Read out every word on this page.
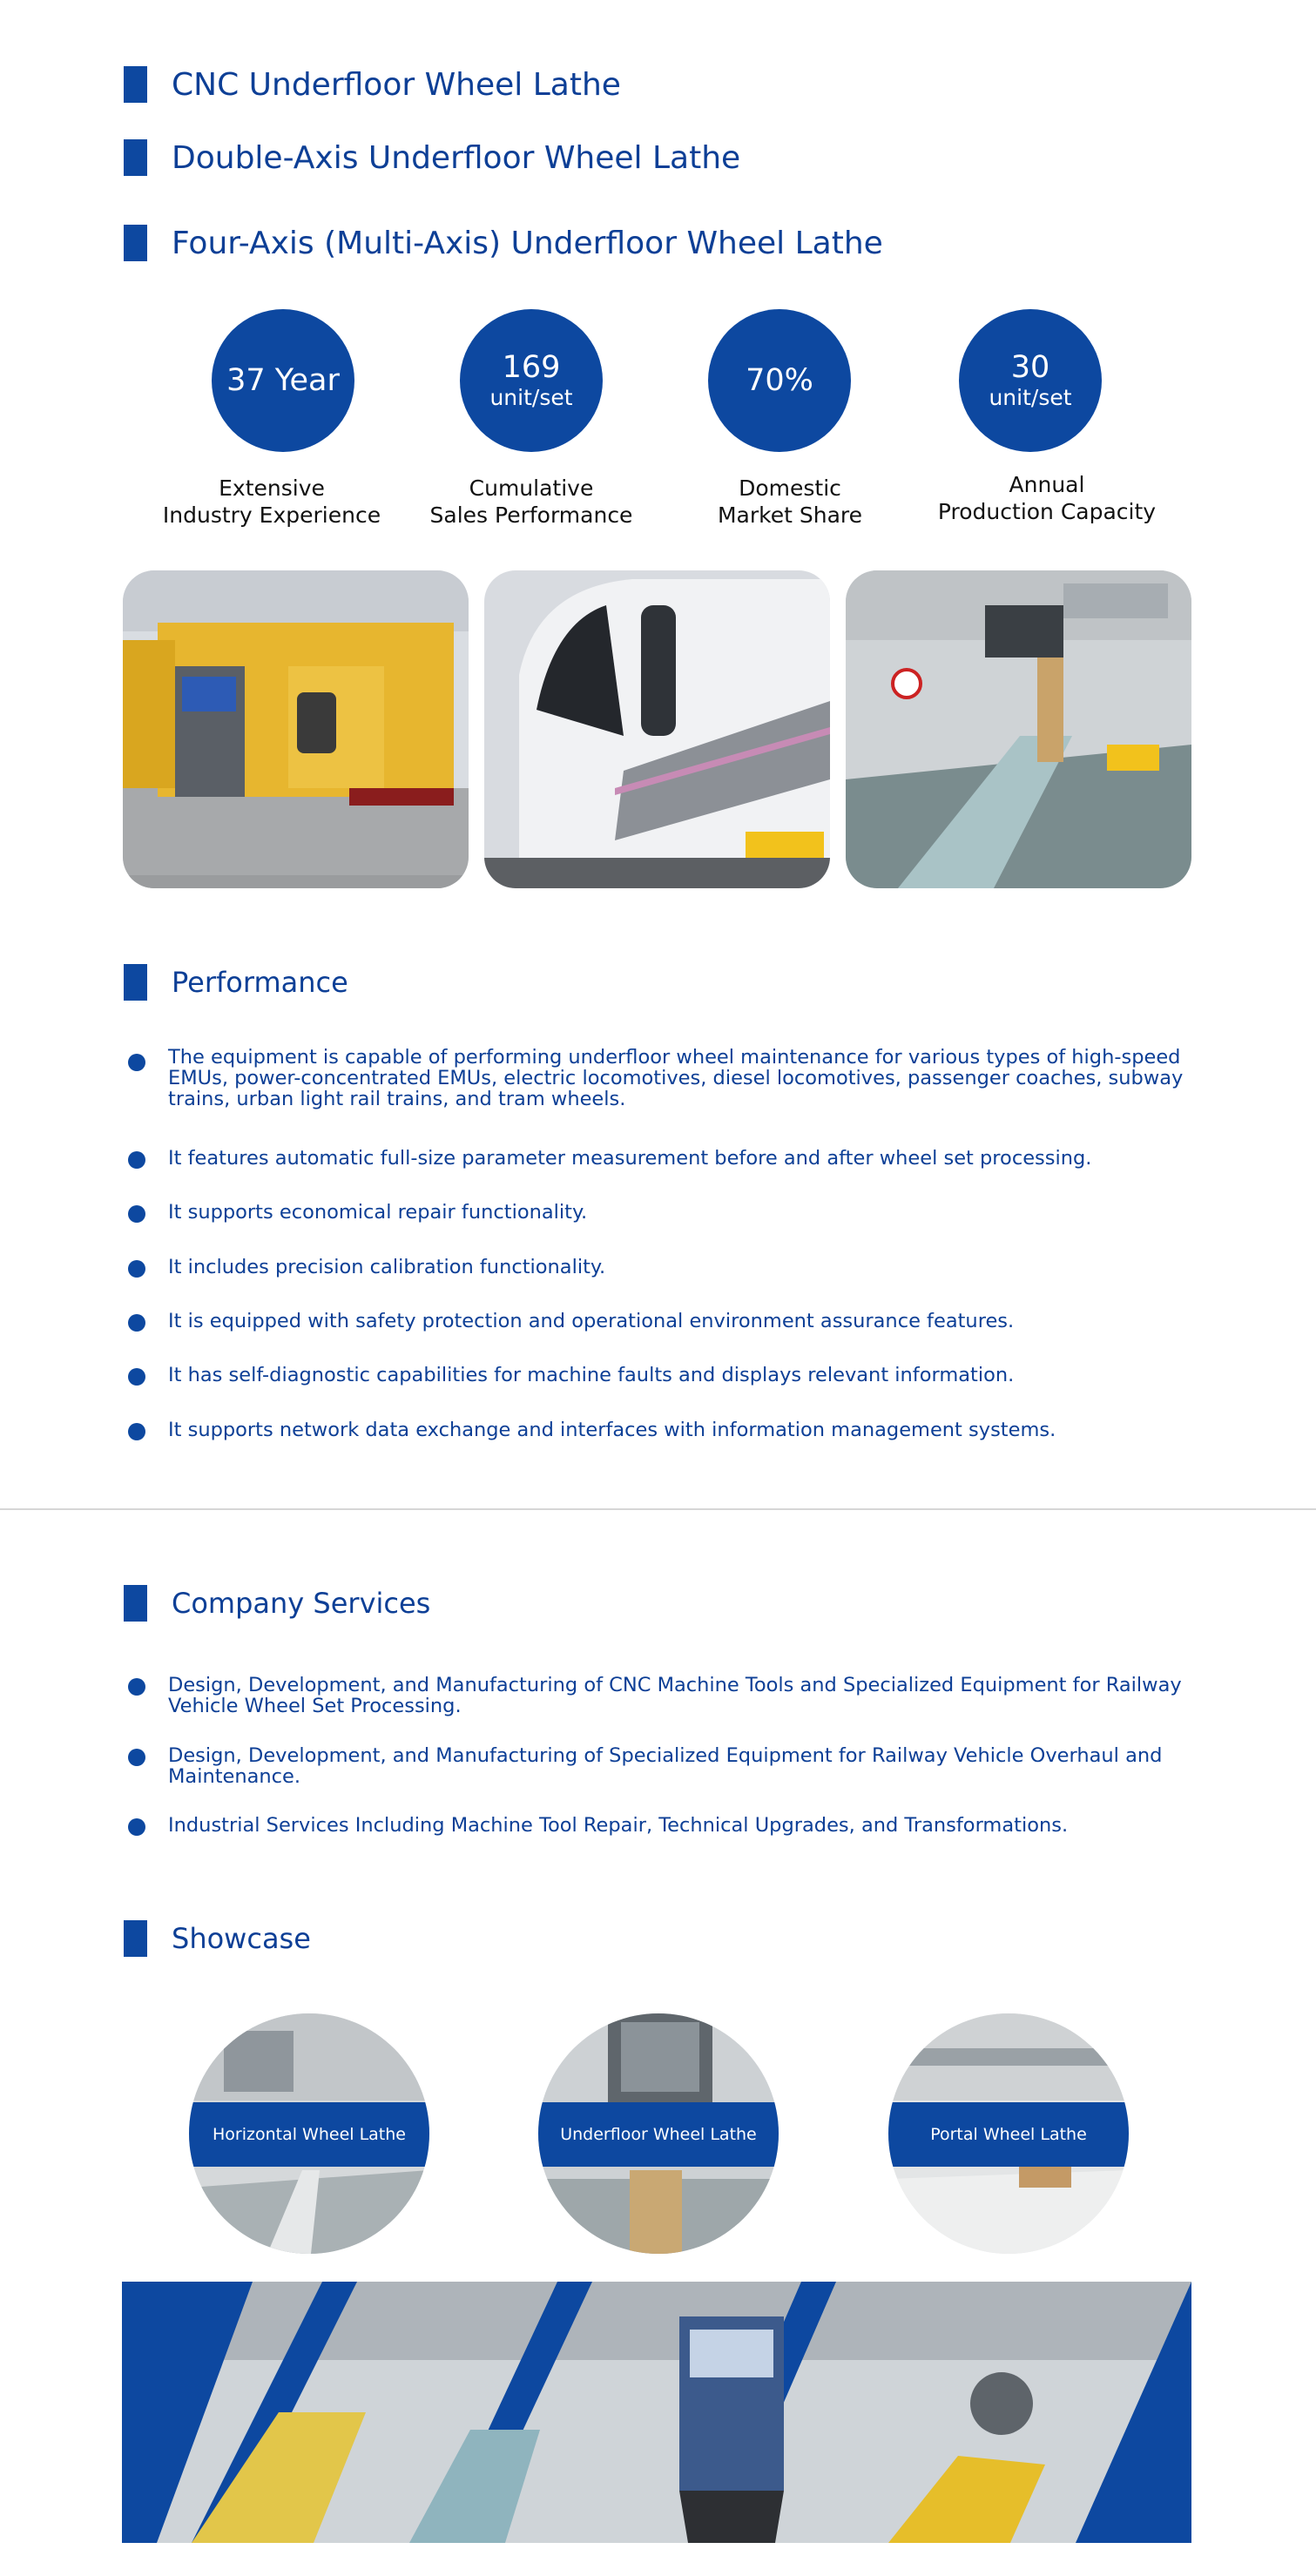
CNC Underfloor Wheel Lathe
Double-Axis Underfloor Wheel Lathe
Four-Axis (Multi-Axis) Underfloor Wheel Lathe
37 Year	169
unit/set	70%	30
unit/set
Extensive
Industry Experience
Cumulative
Sales Performance
Domestic
Market Share
Annual
Production Capacity
Performance

The equipment is capable of performing underfloor wheel maintenance for various types of high-speed EMUs, power-concentrated EMUs, electric locomotives, diesel locomotives, passenger coaches, subway trains, urban light rail trains, and tram wheels.

It features automatic full-size parameter measurement before and after wheel set processing.

It supports economical repair functionality.

It includes precision calibration functionality.

It is equipped with safety protection and operational environment assurance features.

It has self-diagnostic capabilities for machine faults and displays relevant information.

It supports network data exchange and interfaces with information management systems.

Company Services

Design, Development, and Manufacturing of CNC Machine Tools and Specialized Equipment for Railway Vehicle Wheel Set Processing.

Design, Development, and Manufacturing of Specialized Equipment for Railway Vehicle Overhaul and Maintenance.

Industrial Services Including Machine Tool Repair, Technical Upgrades, and Transformations.

Showcase
Horizontal Wheel Lathe	Underfloor Wheel Lathe	Portal Wheel Lathe
